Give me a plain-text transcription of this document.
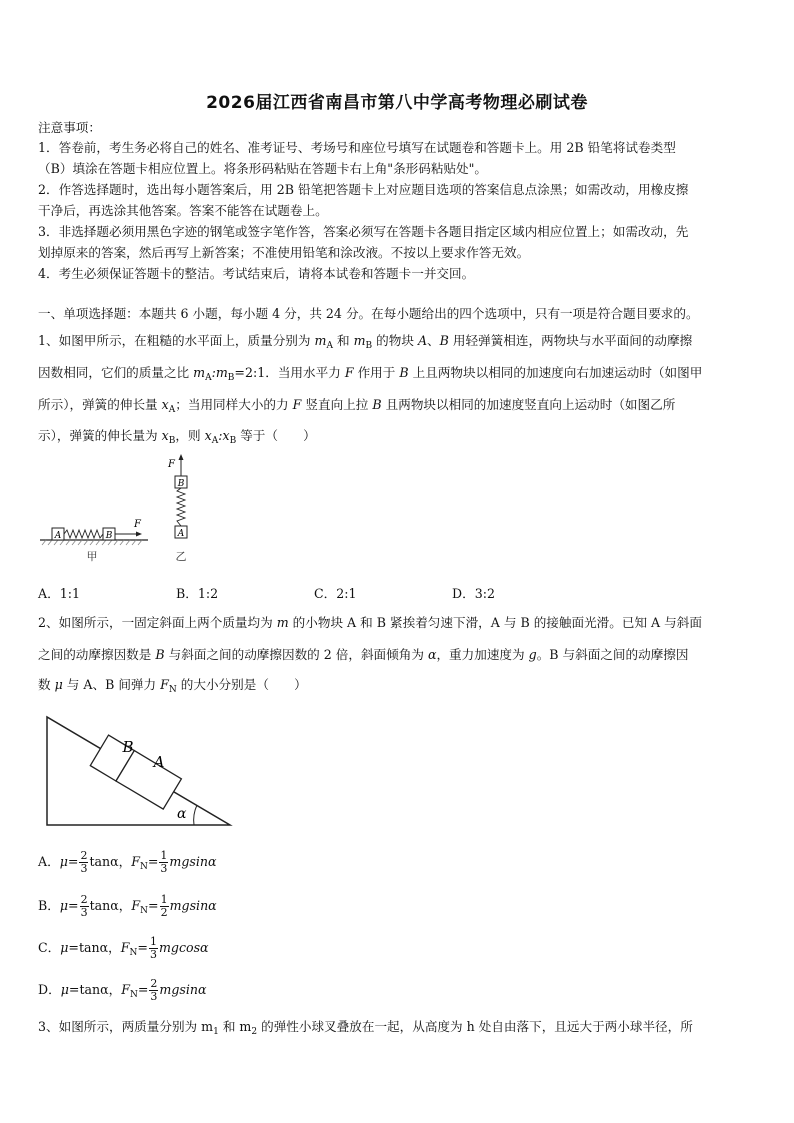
2026届江西省南昌市第八中学高考物理必刷试卷
注意事项：
1．答卷前，考生务必将自己的姓名、准考证号、考场号和座位号填写在试题卷和答题卡上。用 2B 铅笔将试卷类型
（B）填涂在答题卡相应位置上。将条形码粘贴在答题卡右上角"条形码粘贴处"。
2．作答选择题时，选出每小题答案后，用 2B 铅笔把答题卡上对应题目选项的答案信息点涂黑；如需改动，用橡皮擦
干净后，再选涂其他答案。答案不能答在试题卷上。
3．非选择题必须用黑色字迹的钢笔或签字笔作答，答案必须写在答题卡各题目指定区域内相应位置上；如需改动，先
划掉原来的答案，然后再写上新答案；不准使用铅笔和涂改液。不按以上要求作答无效。
4．考生必须保证答题卡的整洁。考试结束后，请将本试卷和答题卡一并交回。
一、单项选择题：本题共 6 小题，每小题 4 分，共 24 分。在每小题给出的四个选项中，只有一项是符合题目要求的。
1、如图甲所示，在粗糙的水平面上，质量分别为 $m_A$ 和 $m_B$ 的物块 A、B 用轻弹簧相连，两物块与水平面间的动摩擦
因数相同，它们的质量之比 $m_A:m_B=2:1$．当用水平力 F 作用于 B 上且两物块以相同的加速度向右加速运动时（如图甲
所示），弹簧的伸长量 $x_A$；当用同样大小的力 F 竖直向上拉 B 且两物块以相同的加速度竖直向上运动时（如图乙所
示），弹簧的伸长量为 $x_B$，则 $x_A:x_B$ 等于（　　）
A	B
F
甲
F
B
A
乙
A．1:1	B．1:2	C．2:1	D．3:2
2、如图所示，一固定斜面上两个质量均为 m 的小物块 A 和 B 紧挨着匀速下滑，A 与 B 的接触面光滑。已知 A 与斜面
之间的动摩擦因数是 B 与斜面之间的动摩擦因数的 2 倍，斜面倾角为 α，重力加速度为 g。B 与斜面之间的动摩擦因
数 μ 与 A、B 间弹力 $F_N$ 的大小分别是（　　）
B
A
α
A．$\mu= \frac{2}{3}$ tanα，$F_N= \frac{1}{3}$ mgsinα
B．$\mu= \frac{2}{3}$ tanα，$F_N= \frac{1}{2}$ mgsinα
C．μ=tanα，$F_N= \frac{1}{3}$ mgcosα
D．μ=tanα，$F_N= \frac{2}{3}$ mgsinα
3、如图所示，两质量分别为 $m_1$ 和 $m_2$ 的弹性小球叉叠放在一起，从高度为 h 处自由落下，且远大于两小球半径，所
